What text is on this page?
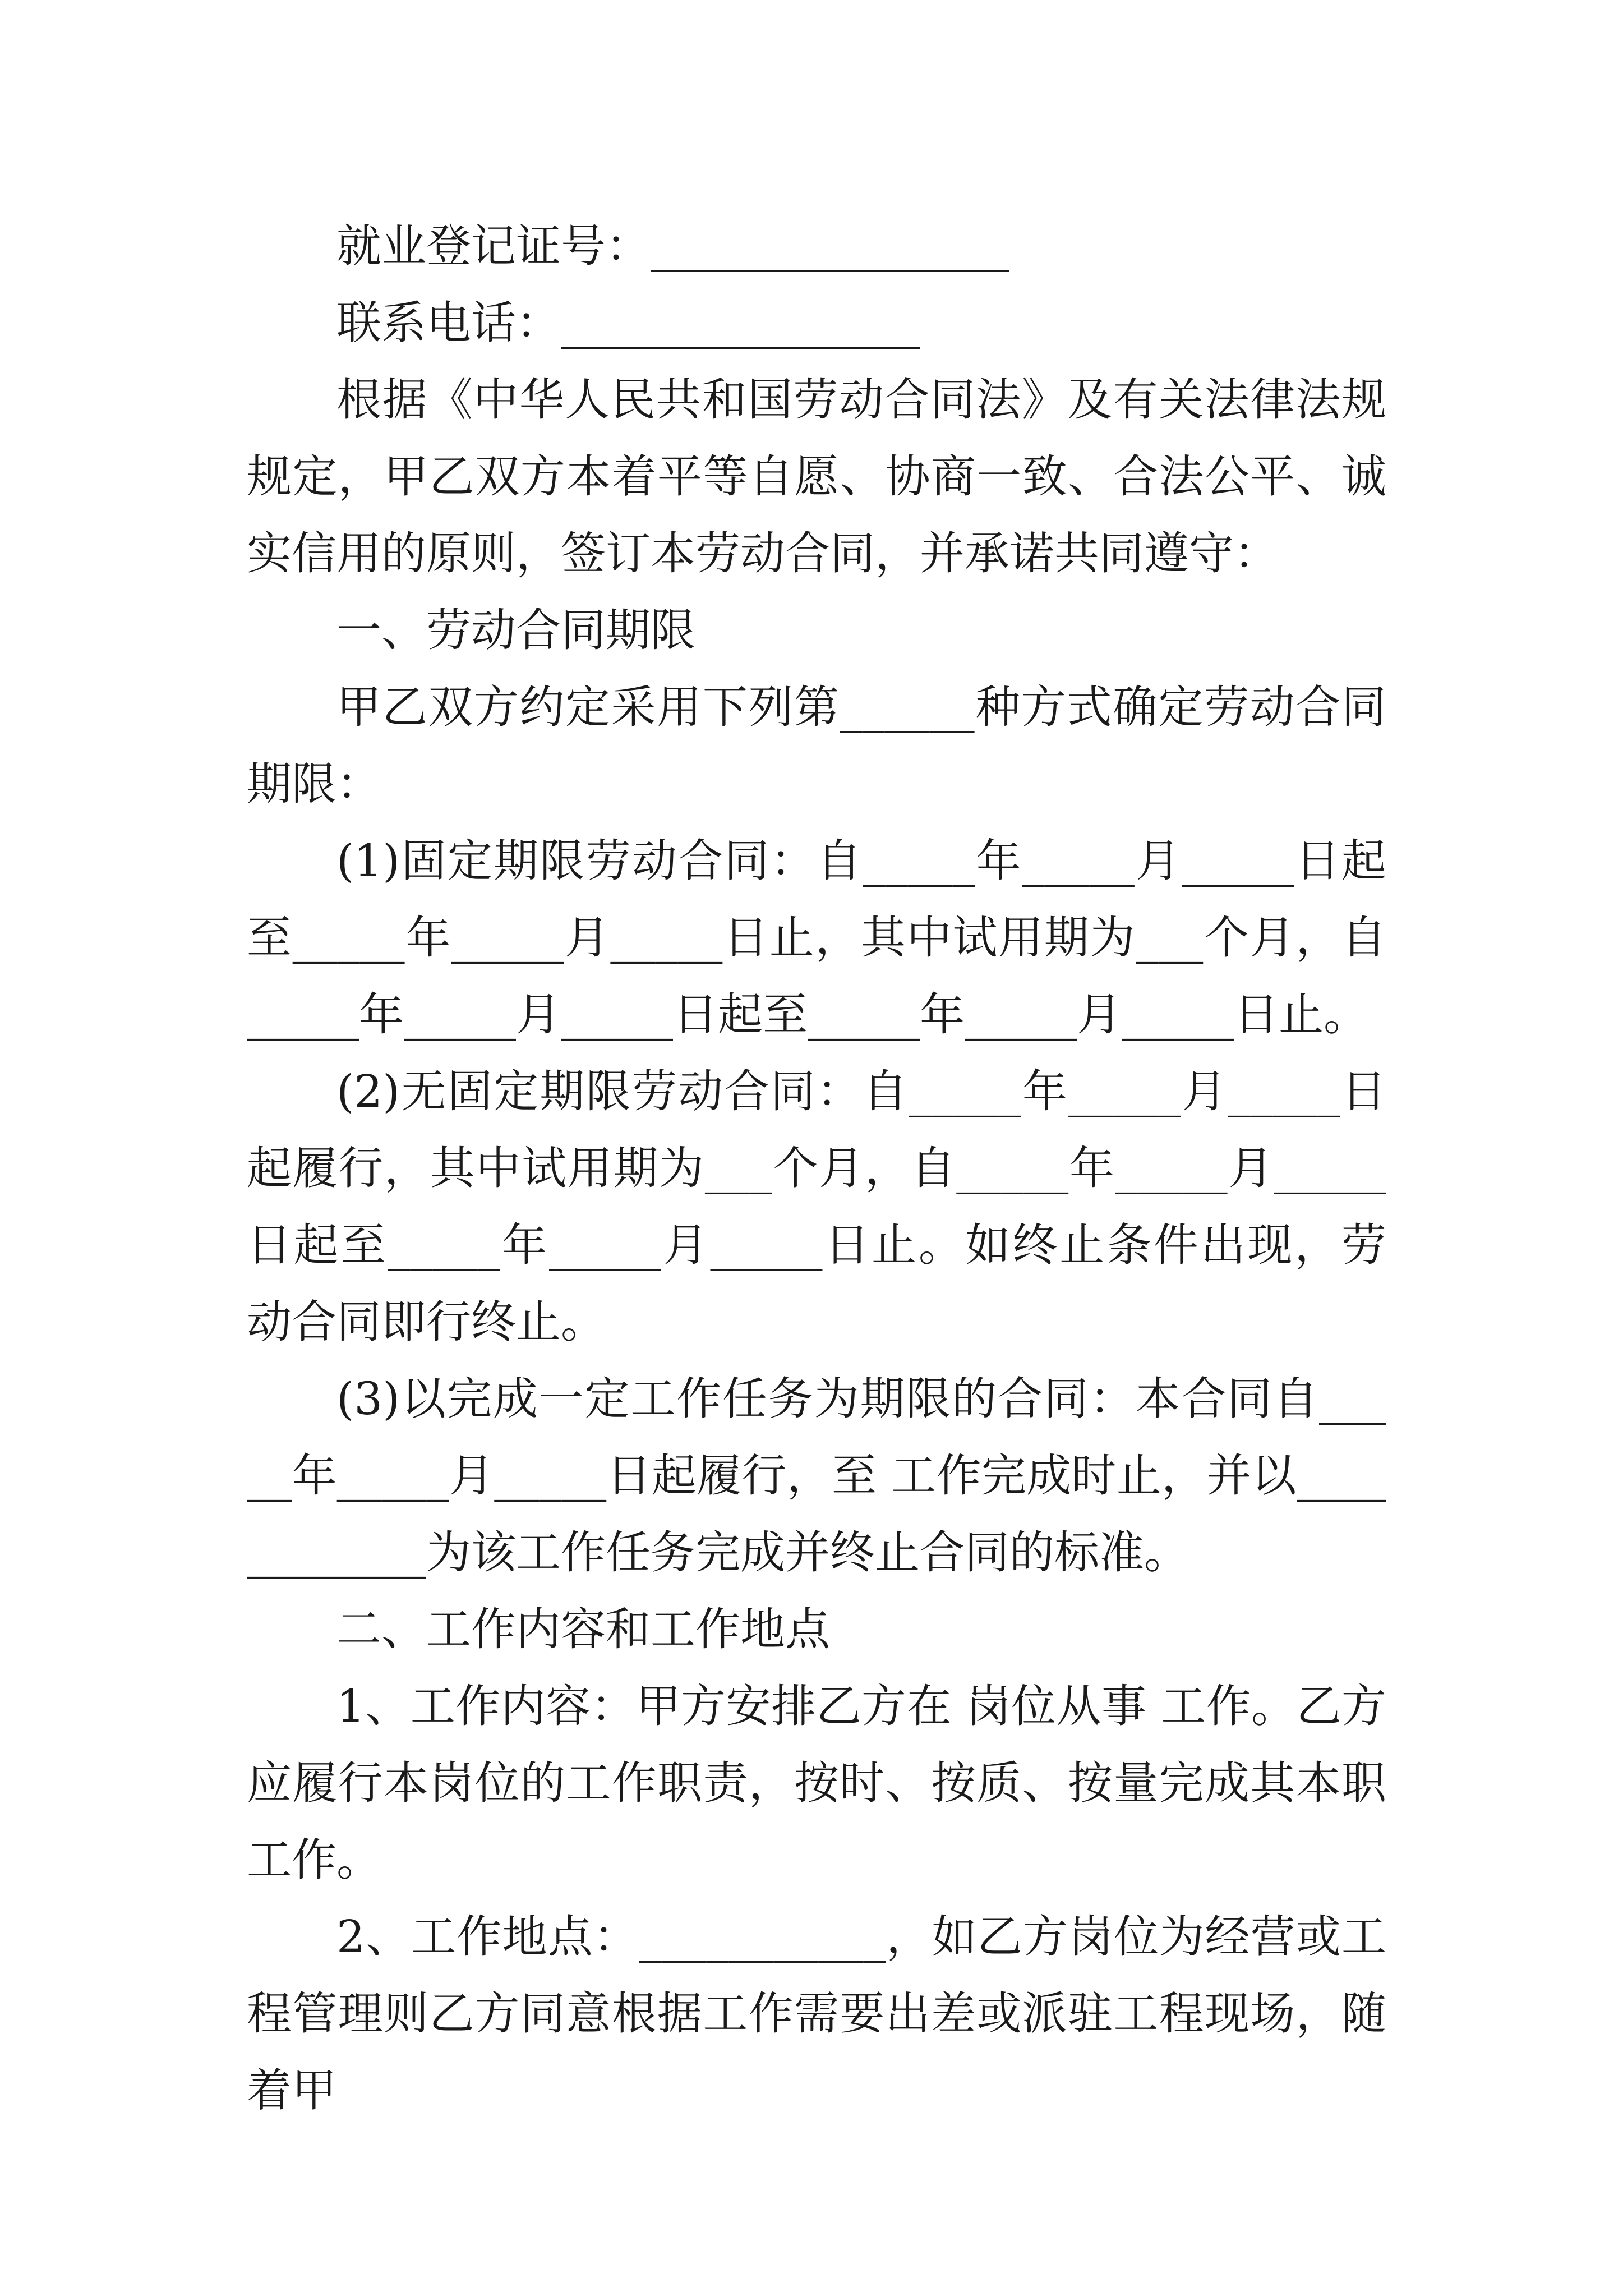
就业登记证号：________________

联系电话：________________

根据《中华人民共和国劳动合同法》及有关法律法规规定，甲乙双方本着平等自愿、协商一致、合法公平、诚实信用的原则，签订本劳动合同，并承诺共同遵守：

一、劳动合同期限

甲乙双方约定采用下列第______种方式确定劳动合同期限：

(1)固定期限劳动合同：自_____年_____月_____日起至_____年_____月_____日止，其中试用期为___个月，自_____年_____月_____日起至_____年_____月_____日止。

(2)无固定期限劳动合同：自_____年_____月_____日起履行，其中试用期为___个月，自_____年_____月_____日起至_____年_____月_____日止。如终止条件出现，劳动合同即行终止。

(3)以完成一定工作任务为期限的合同：本合同自_____年_____月_____日起履行，至 工作完成时止，并以____________为该工作任务完成并终止合同的标准。

二、工作内容和工作地点

1、工作内容：甲方安排乙方在 岗位从事 工作。乙方应履行本岗位的工作职责，按时、按质、按量完成其本职工作。

2、工作地点：___________，如乙方岗位为经营或工程管理则乙方同意根据工作需要出差或派驻工程现场，随着甲
